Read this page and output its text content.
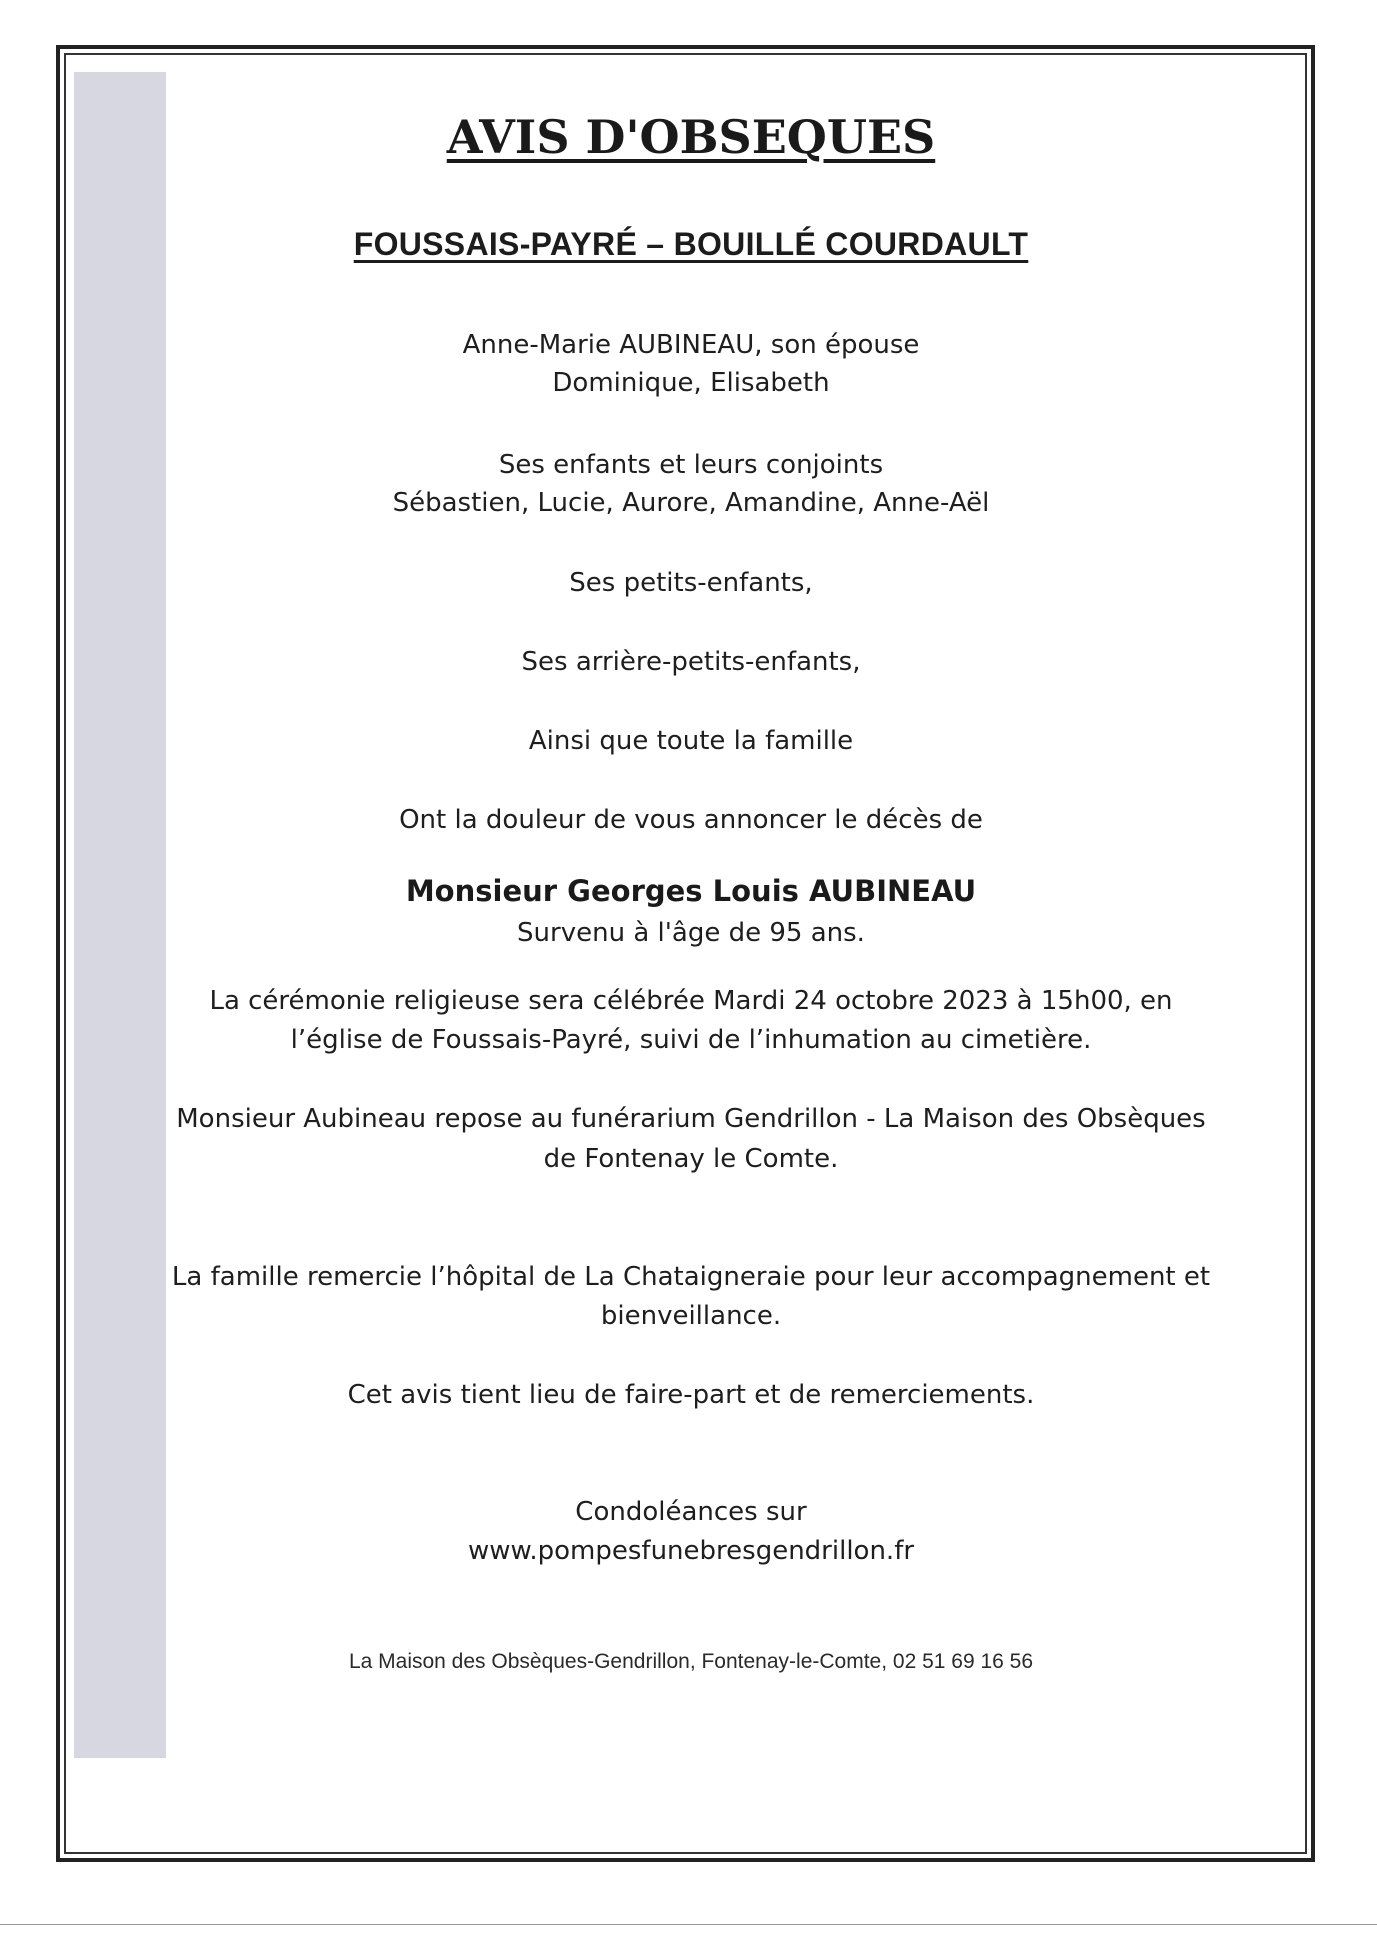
AVIS D'OBSEQUES
FOUSSAIS-PAYRÉ – BOUILLÉ COURDAULT
Anne-Marie AUBINEAU, son épouse
Dominique, Elisabeth
Ses enfants et leurs conjoints
Sébastien, Lucie, Aurore, Amandine, Anne-Aël
Ses petits-enfants,
Ses arrière-petits-enfants,
Ainsi que toute la famille
Ont la douleur de vous annoncer le décès de
Monsieur Georges Louis AUBINEAU
Survenu à l'âge de 95 ans.
La cérémonie religieuse sera célébrée Mardi 24 octobre 2023 à 15h00, en
l’église de Foussais-Payré, suivi de l’inhumation au cimetière.
Monsieur Aubineau repose au funérarium Gendrillon - La Maison des Obsèques
de Fontenay le Comte.
La famille remercie l’hôpital de La Chataigneraie pour leur accompagnement et
bienveillance.
Cet avis tient lieu de faire-part et de remerciements.
Condoléances sur
www.pompesfunebresgendrillon.fr
La Maison des Obsèques-Gendrillon, Fontenay-le-Comte, 02 51 69 16 56
